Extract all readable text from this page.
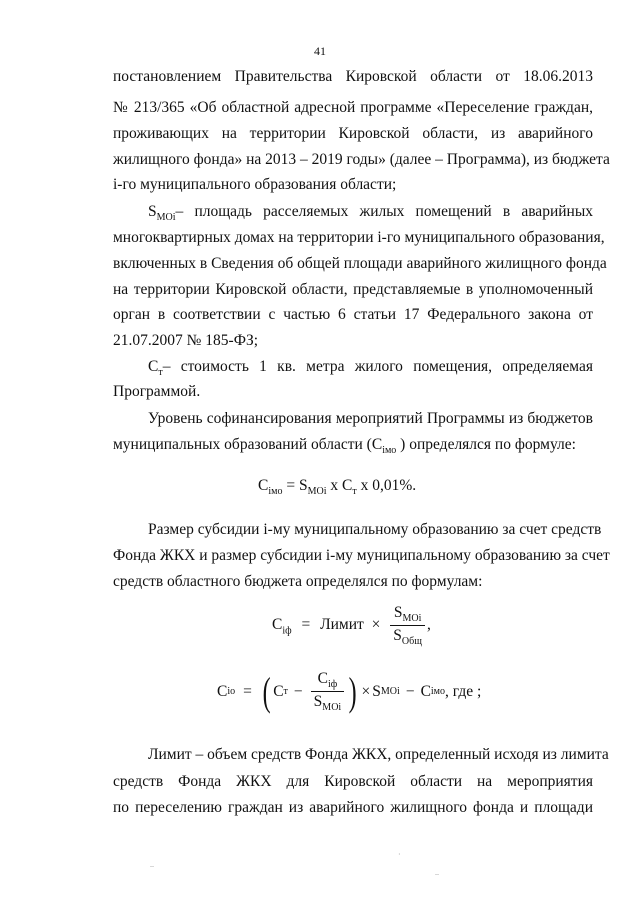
41
постановлением Правительства Кировской области от 18.06.2013
№ 213/365 «Об областной адресной программе «Переселение граждан,
проживающих на территории Кировской области, из аварийного
жилищного фонда» на 2013 – 2019 годы» (далее – Программа), из бюджета
i-го муниципального образования области;
$S_{МОi}$ – площадь расселяемых жилых помещений в аварийных
многоквартирных домах на территории i-го муниципального образования,
включенных в Сведения об общей площади аварийного жилищного фонда
на территории Кировской области, представляемые в уполномоченный
орган в соответствии с частью 6 статьи 17 Федерального закона от
21.07.2007 № 185-ФЗ;
$С_т$ – стоимость 1 кв. метра жилого помещения, определяемая
Программой.
Уровень софинансирования мероприятий Программы из бюджетов
муниципальных образований области ($С_{iмо}$ ) определялся по формуле:
$С_{iмо} = S_{МОi}$ х $С_т$ х 0,01%.
Размер субсидии i-му муниципальному образованию за счет средств
Фонда ЖКХ и размер субсидии i-му муниципальному образованию за счет
средств областного бюджета определялся по формулам:
$С_{iф}$ = Лимит × $\frac{S_{МОi}}{S_{Общ}}$ ,
С io = ( С $т - \frac{С_{iф}}{S_{МОi}}$ ) × S МОi − С iмо , где ;
Лимит – объем средств Фонда ЖКХ, определенный исходя из лимита
средств Фонда ЖКХ для Кировской области на мероприятия
по переселению граждан из аварийного жилищного фонда и площади
..
·
..
